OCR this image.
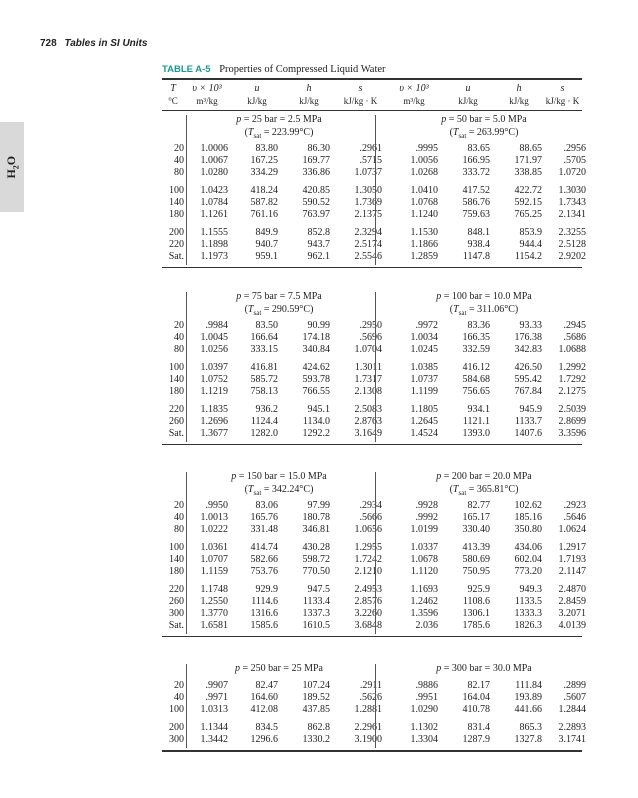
$H_2O$
728 Tables in SI Units
TABLE A-5 Properties of Compressed Liquid Water
T
°C
υ × 10³
m³/kg
u
kJ/kg
h
kJ/kg
s
kJ/kg · K
υ × 10³
m³/kg
u
kJ/kg
h
kJ/kg
s
kJ/kg · K
p = 25 bar = 2.5 MPa
$(T_{sat} = 223.99^\circ C)$
p = 50 bar = 5.0 MPa
$(T_{sat} = 263.99^\circ C)$
20	1.0006	83.80	86.30	.2961	.9995	83.65	88.65	.2956
40	1.0067	167.25	169.77	.5715	1.0056	166.95	171.97	.5705
80	1.0280	334.29	336.86	1.0737	1.0268	333.72	338.85	1.0720

100	1.0423	418.24	420.85	1.3050	1.0410	417.52	422.72	1.3030
140	1.0784	587.82	590.52	1.7369	1.0768	586.76	592.15	1.7343
180	1.1261	761.16	763.97	2.1375	1.1240	759.63	765.25	2.1341

200	1.1555	849.9	852.8	2.3294	1.1530	848.1	853.9	2.3255
220	1.1898	940.7	943.7	2.5174	1.1866	938.4	944.4	2.5128
Sat.	1.1973	959.1	962.1	2.5546	1.2859	1147.8	1154.2	2.9202
p = 75 bar = 7.5 MPa
$(T_{sat} = 290.59^\circ C)$
p = 100 bar = 10.0 MPa
$(T_{sat} = 311.06^\circ C)$
20	.9984	83.50	90.99	.2950	.9972	83.36	93.33	.2945
40	1.0045	166.64	174.18	.5696	1.0034	166.35	176.38	.5686
80	1.0256	333.15	340.84	1.0704	1.0245	332.59	342.83	1.0688

100	1.0397	416.81	424.62	1.3011	1.0385	416.12	426.50	1.2992
140	1.0752	585.72	593.78	1.7317	1.0737	584.68	595.42	1.7292
180	1.1219	758.13	766.55	2.1308	1.1199	756.65	767.84	2.1275

220	1.1835	936.2	945.1	2.5083	1.1805	934.1	945.9	2.5039
260	1.2696	1124.4	1134.0	2.8763	1.2645	1121.1	1133.7	2.8699
Sat.	1.3677	1282.0	1292.2	3.1649	1.4524	1393.0	1407.6	3.3596
p = 150 bar = 15.0 MPa
$(T_{sat} = 342.24^\circ C)$
p = 200 bar = 20.0 MPa
$(T_{sat} = 365.81^\circ C)$
20	.9950	83.06	97.99	.2934	.9928	82.77	102.62	.2923
40	1.0013	165.76	180.78	.5666	.9992	165.17	185.16	.5646
80	1.0222	331.48	346.81	1.0656	1.0199	330.40	350.80	1.0624

100	1.0361	414.74	430.28	1.2955	1.0337	413.39	434.06	1.2917
140	1.0707	582.66	598.72	1.7242	1.0678	580.69	602.04	1.7193
180	1.1159	753.76	770.50	2.1210	1.1120	750.95	773.20	2.1147

220	1.1748	929.9	947.5	2.4953	1.1693	925.9	949.3	2.4870
260	1.2550	1114.6	1133.4	2.8576	1.2462	1108.6	1133.5	2.8459
300	1.3770	1316.6	1337.3	3.2260	1.3596	1306.1	1333.3	3.2071
Sat.	1.6581	1585.6	1610.5	3.6848	2.036	1785.6	1826.3	4.0139
p = 250 bar = 25 MPa	p = 300 bar = 30.0 MPa
20	.9907	82.47	107.24	.2911	.9886	82.17	111.84	.2899
40	.9971	164.60	189.52	.5626	.9951	164.04	193.89	.5607
100	1.0313	412.08	437.85	1.2881	1.0290	410.78	441.66	1.2844

200	1.1344	834.5	862.8	2.2961	1.1302	831.4	865.3	2.2893
300	1.3442	1296.6	1330.2	3.1900	1.3304	1287.9	1327.8	3.1741
